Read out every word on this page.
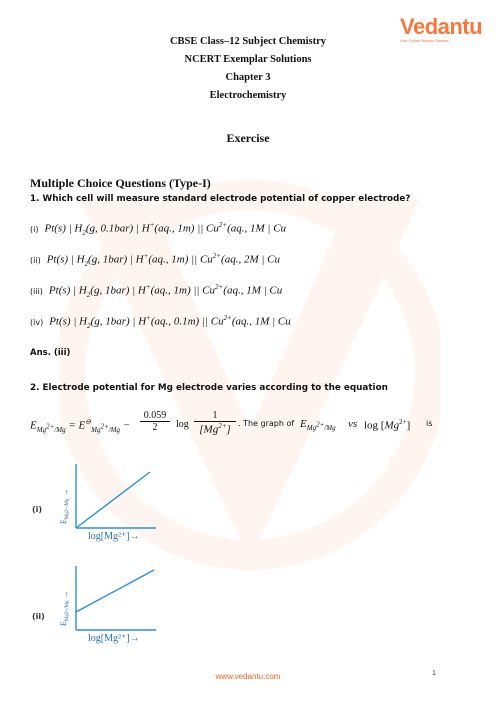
CBSE Class–12 Subject Chemistry
NCERT Exemplar Solutions
Chapter 3
Electrochemistry
Vedantu
Live Online Master Classes
Exercise
Multiple Choice Questions (Type-I)
1. Which cell will measure standard electrode potential of copper electrode?
(i) Pt(s) | $H_2(g$, 0.1bar) | H+(aq., 1m) || $Cu^{2+}(aq$., 1M | Cu
(ii) Pt(s) | $H_2(g$, 1bar) | H+(aq., 1m) || $Cu^{2+}(aq$., 2M | Cu
(iii) Pt(s) | $H_2(g$, 1bar) | H+(aq., 1m) || $Cu^{2+}(aq$., 1M | Cu
(iv) Pt(s) | $H_2(g$, 1bar) | H+(aq., 0.1m) || $Cu^{2+}(aq$., 1M | Cu
Ans. (iii)
2. Electrode potential for Mg electrode varies according to the equation
$E_{Mg^{2+}/Mg} = E^⊖_{Mg^{2+}/Mg}$ −
0.059
2	log
1
$[Mg^{2+}]$
. The graph of $E_{Mg^{2+}/Mg}$ vs $\log [Mg^{2+}]$ is
(i)
$E_{Mg2+/Mg}$ →
log[Mg²⁺]→
(ii)
$E_{Mg2+/Mg}$ →
log[Mg²⁺]→
www.vedantu.com	1
